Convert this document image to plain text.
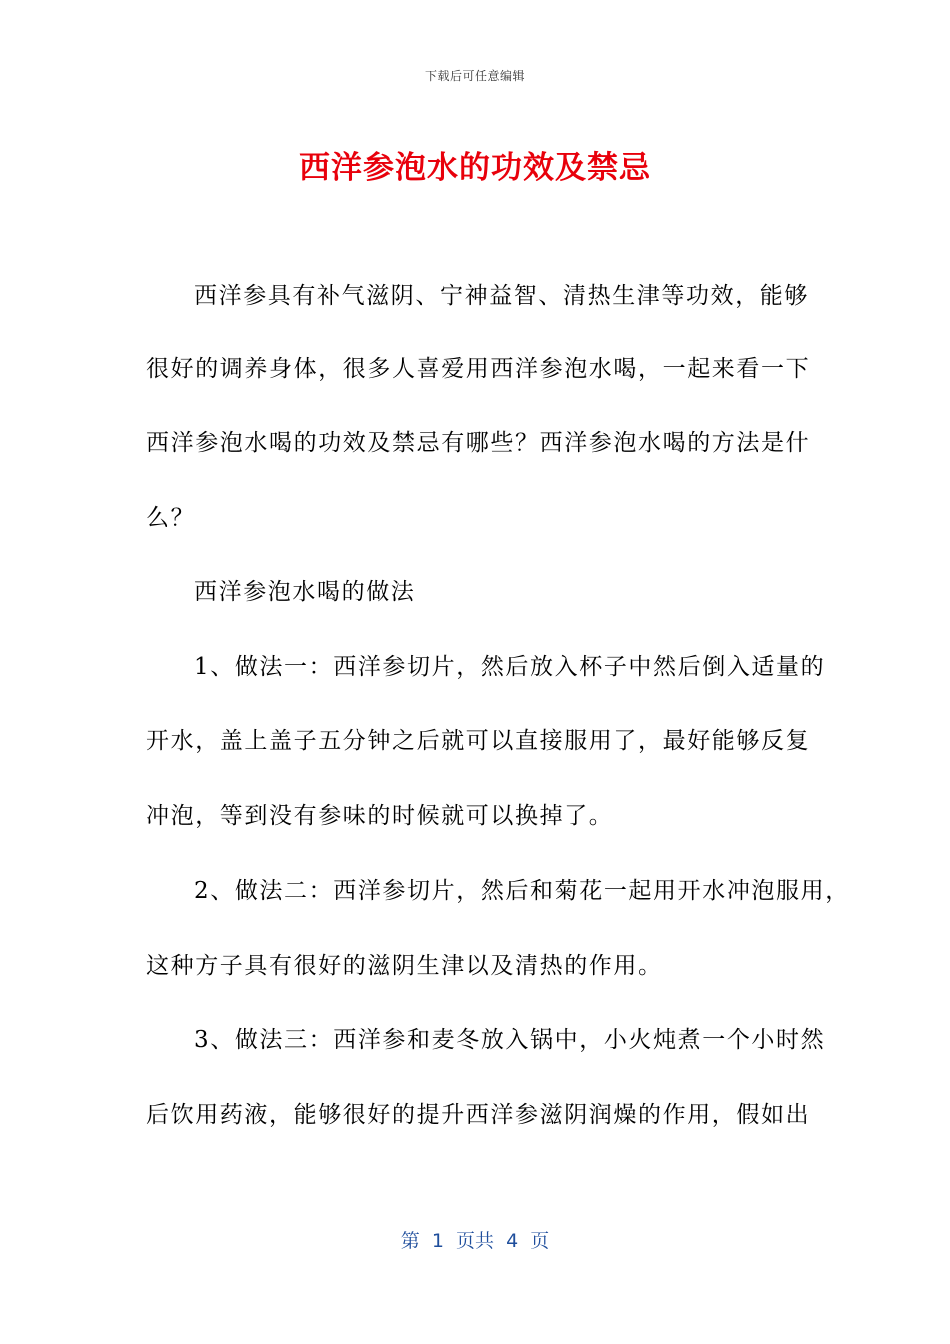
下载后可任意编辑
西洋参泡水的功效及禁忌
西洋参具有补气滋阴、宁神益智、清热生津等功效，能够
很好的调养身体，很多人喜爱用西洋参泡水喝，一起来看一下
西洋参泡水喝的功效及禁忌有哪些？西洋参泡水喝的方法是什
么？
西洋参泡水喝的做法
1、做法一：西洋参切片，然后放入杯子中然后倒入适量的
开水，盖上盖子五分钟之后就可以直接服用了，最好能够反复
冲泡，等到没有参味的时候就可以换掉了。
2、做法二：西洋参切片，然后和菊花一起用开水冲泡服用，
这种方子具有很好的滋阴生津以及清热的作用。
3、做法三：西洋参和麦冬放入锅中，小火炖煮一个小时然
后饮用药液，能够很好的提升西洋参滋阴润燥的作用，假如出
第  1  页共  4  页
